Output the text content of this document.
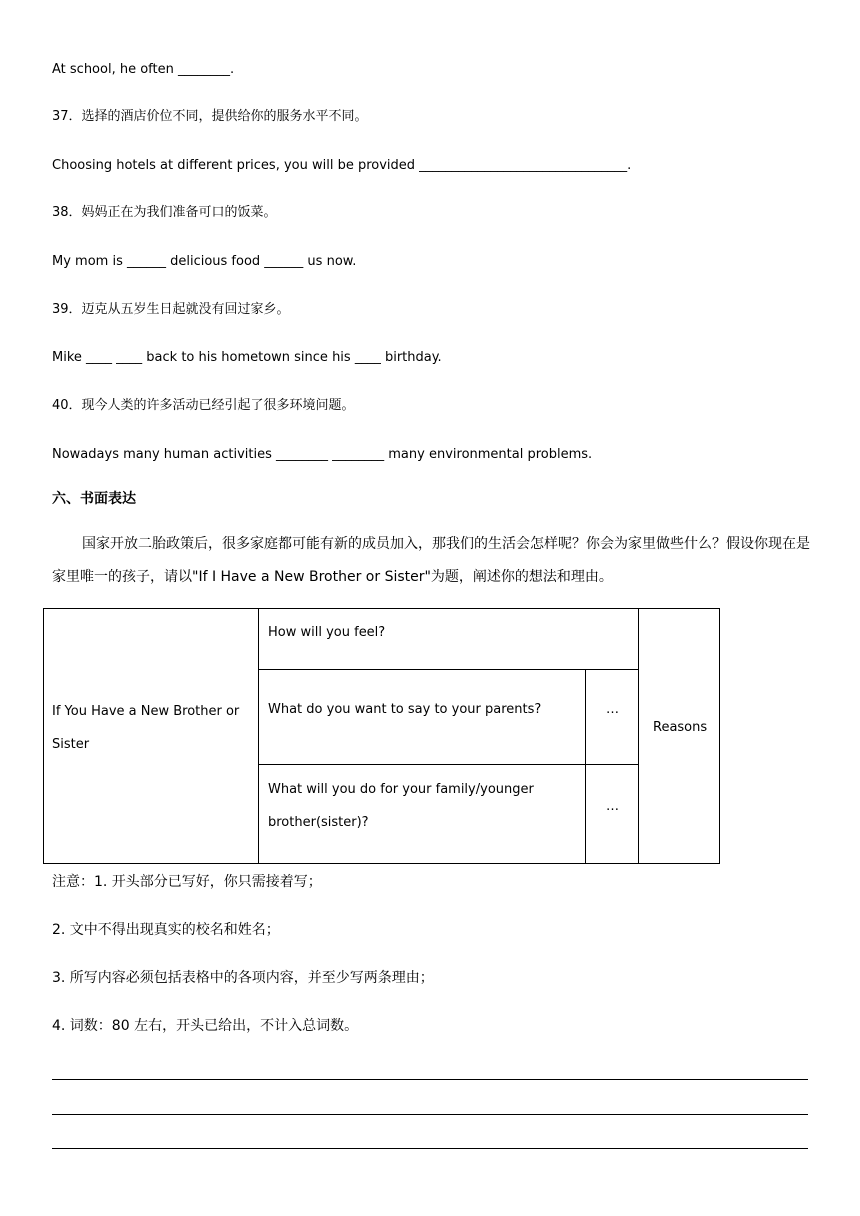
At school, he often ________.
37．选择的酒店价位不同，提供给你的服务水平不同。
Choosing hotels at different prices, you will be provided ________________________________.
38．妈妈正在为我们准备可口的饭菜。
My mom is ______ delicious food ______ us now.
39．迈克从五岁生日起就没有回过家乡。
Mike ____ ____ back to his hometown since his ____ birthday.
40．现今人类的许多活动已经引起了很多环境问题。
Nowadays many human activities ________ ________ many environmental problems.
六、书面表达
国家开放二胎政策后，很多家庭都可能有新的成员加入，那我们的生活会怎样呢？你会为家里做些什么？假设你现在是家里唯一的孩子，请以"If I Have a New Brother or Sister"为题，阐述你的想法和理由。
If You Have a New Brother or
Sister
How will you feel?
What do you want to say to your parents?
What will you do for your family/younger
brother(sister)?
…
…
Reasons
注意：1. 开头部分已写好，你只需接着写；
2. 文中不得出现真实的校名和姓名；
3. 所写内容必须包括表格中的各项内容，并至少写两条理由；
4. 词数：80 左右，开头已给出，不计入总词数。
